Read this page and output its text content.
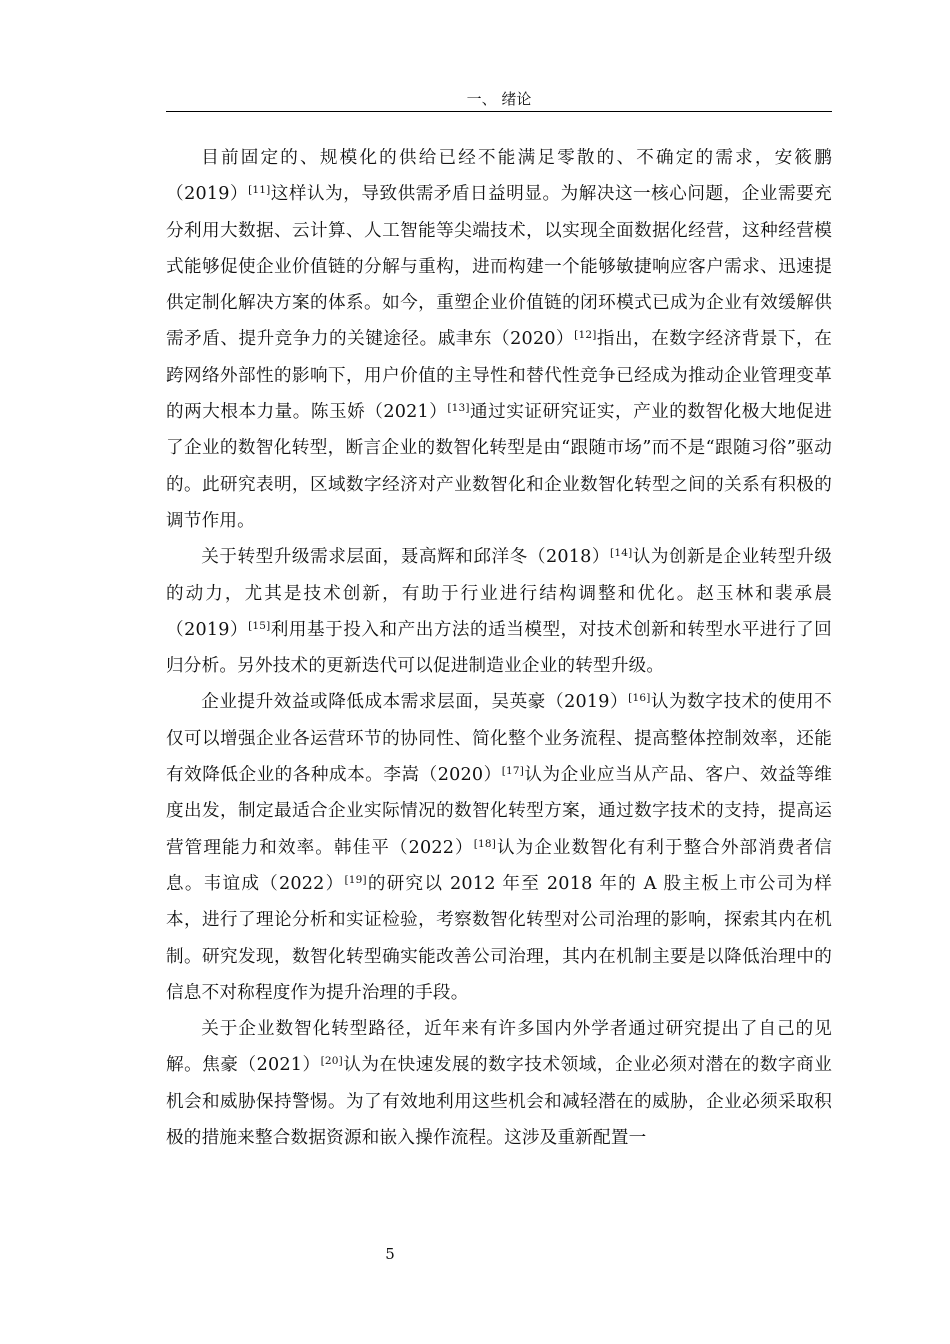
一、 绪论

目前固定的、规模化的供给已经不能满足零散的、不确定的需求，安筱鹏（2019）[11]这样认为，导致供需矛盾日益明显。为解决这一核心问题，企业需要充分利用大数据、云计算、人工智能等尖端技术，以实现全面数据化经营，这种经营模式能够促使企业价值链的分解与重构，进而构建一个能够敏捷响应客户需求、迅速提供定制化解决方案的体系。如今，重塑企业价值链的闭环模式已成为企业有效缓解供需矛盾、提升竞争力的关键途径。戚聿东（2020）[12]指出，在数字经济背景下，在跨网络外部性的影响下，用户价值的主导性和替代性竞争已经成为推动企业管理变革的两大根本力量。陈玉娇（2021）[13]通过实证研究证实，产业的数智化极大地促进了企业的数智化转型，断言企业的数智化转型是由“跟随市场”而不是“跟随习俗”驱动的。此研究表明，区域数字经济对产业数智化和企业数智化转型之间的关系有积极的调节作用。

关于转型升级需求层面，聂高辉和邱洋冬（2018）[14]认为创新是企业转型升级的动力，尤其是技术创新，有助于行业进行结构调整和优化。赵玉林和裴承晨（2019）[15]利用基于投入和产出方法的适当模型，对技术创新和转型水平进行了回归分析。另外技术的更新迭代可以促进制造业企业的转型升级。

企业提升效益或降低成本需求层面，吴英豪（2019）[16]认为数字技术的使用不仅可以增强企业各运营环节的协同性、简化整个业务流程、提高整体控制效率，还能有效降低企业的各种成本。李嵩（2020）[17]认为企业应当从产品、客户、效益等维度出发，制定最适合企业实际情况的数智化转型方案，通过数字技术的支持，提高运营管理能力和效率。韩佳平（2022）[18]认为企业数智化有利于整合外部消费者信息。韦谊成（2022）[19]的研究以 2012 年至 2018 年的 A 股主板上市公司为样本，进行了理论分析和实证检验，考察数智化转型对公司治理的影响，探索其内在机制。研究发现，数智化转型确实能改善公司治理，其内在机制主要是以降低治理中的信息不对称程度作为提升治理的手段。

关于企业数智化转型路径，近年来有许多国内外学者通过研究提出了自己的见解。焦豪（2021）[20]认为在快速发展的数字技术领域，企业必须对潜在的数字商业机会和威胁保持警惕。为了有效地利用这些机会和减轻潜在的威胁，企业必须采取积极的措施来整合数据资源和嵌入操作流程。这涉及重新配置一

5
